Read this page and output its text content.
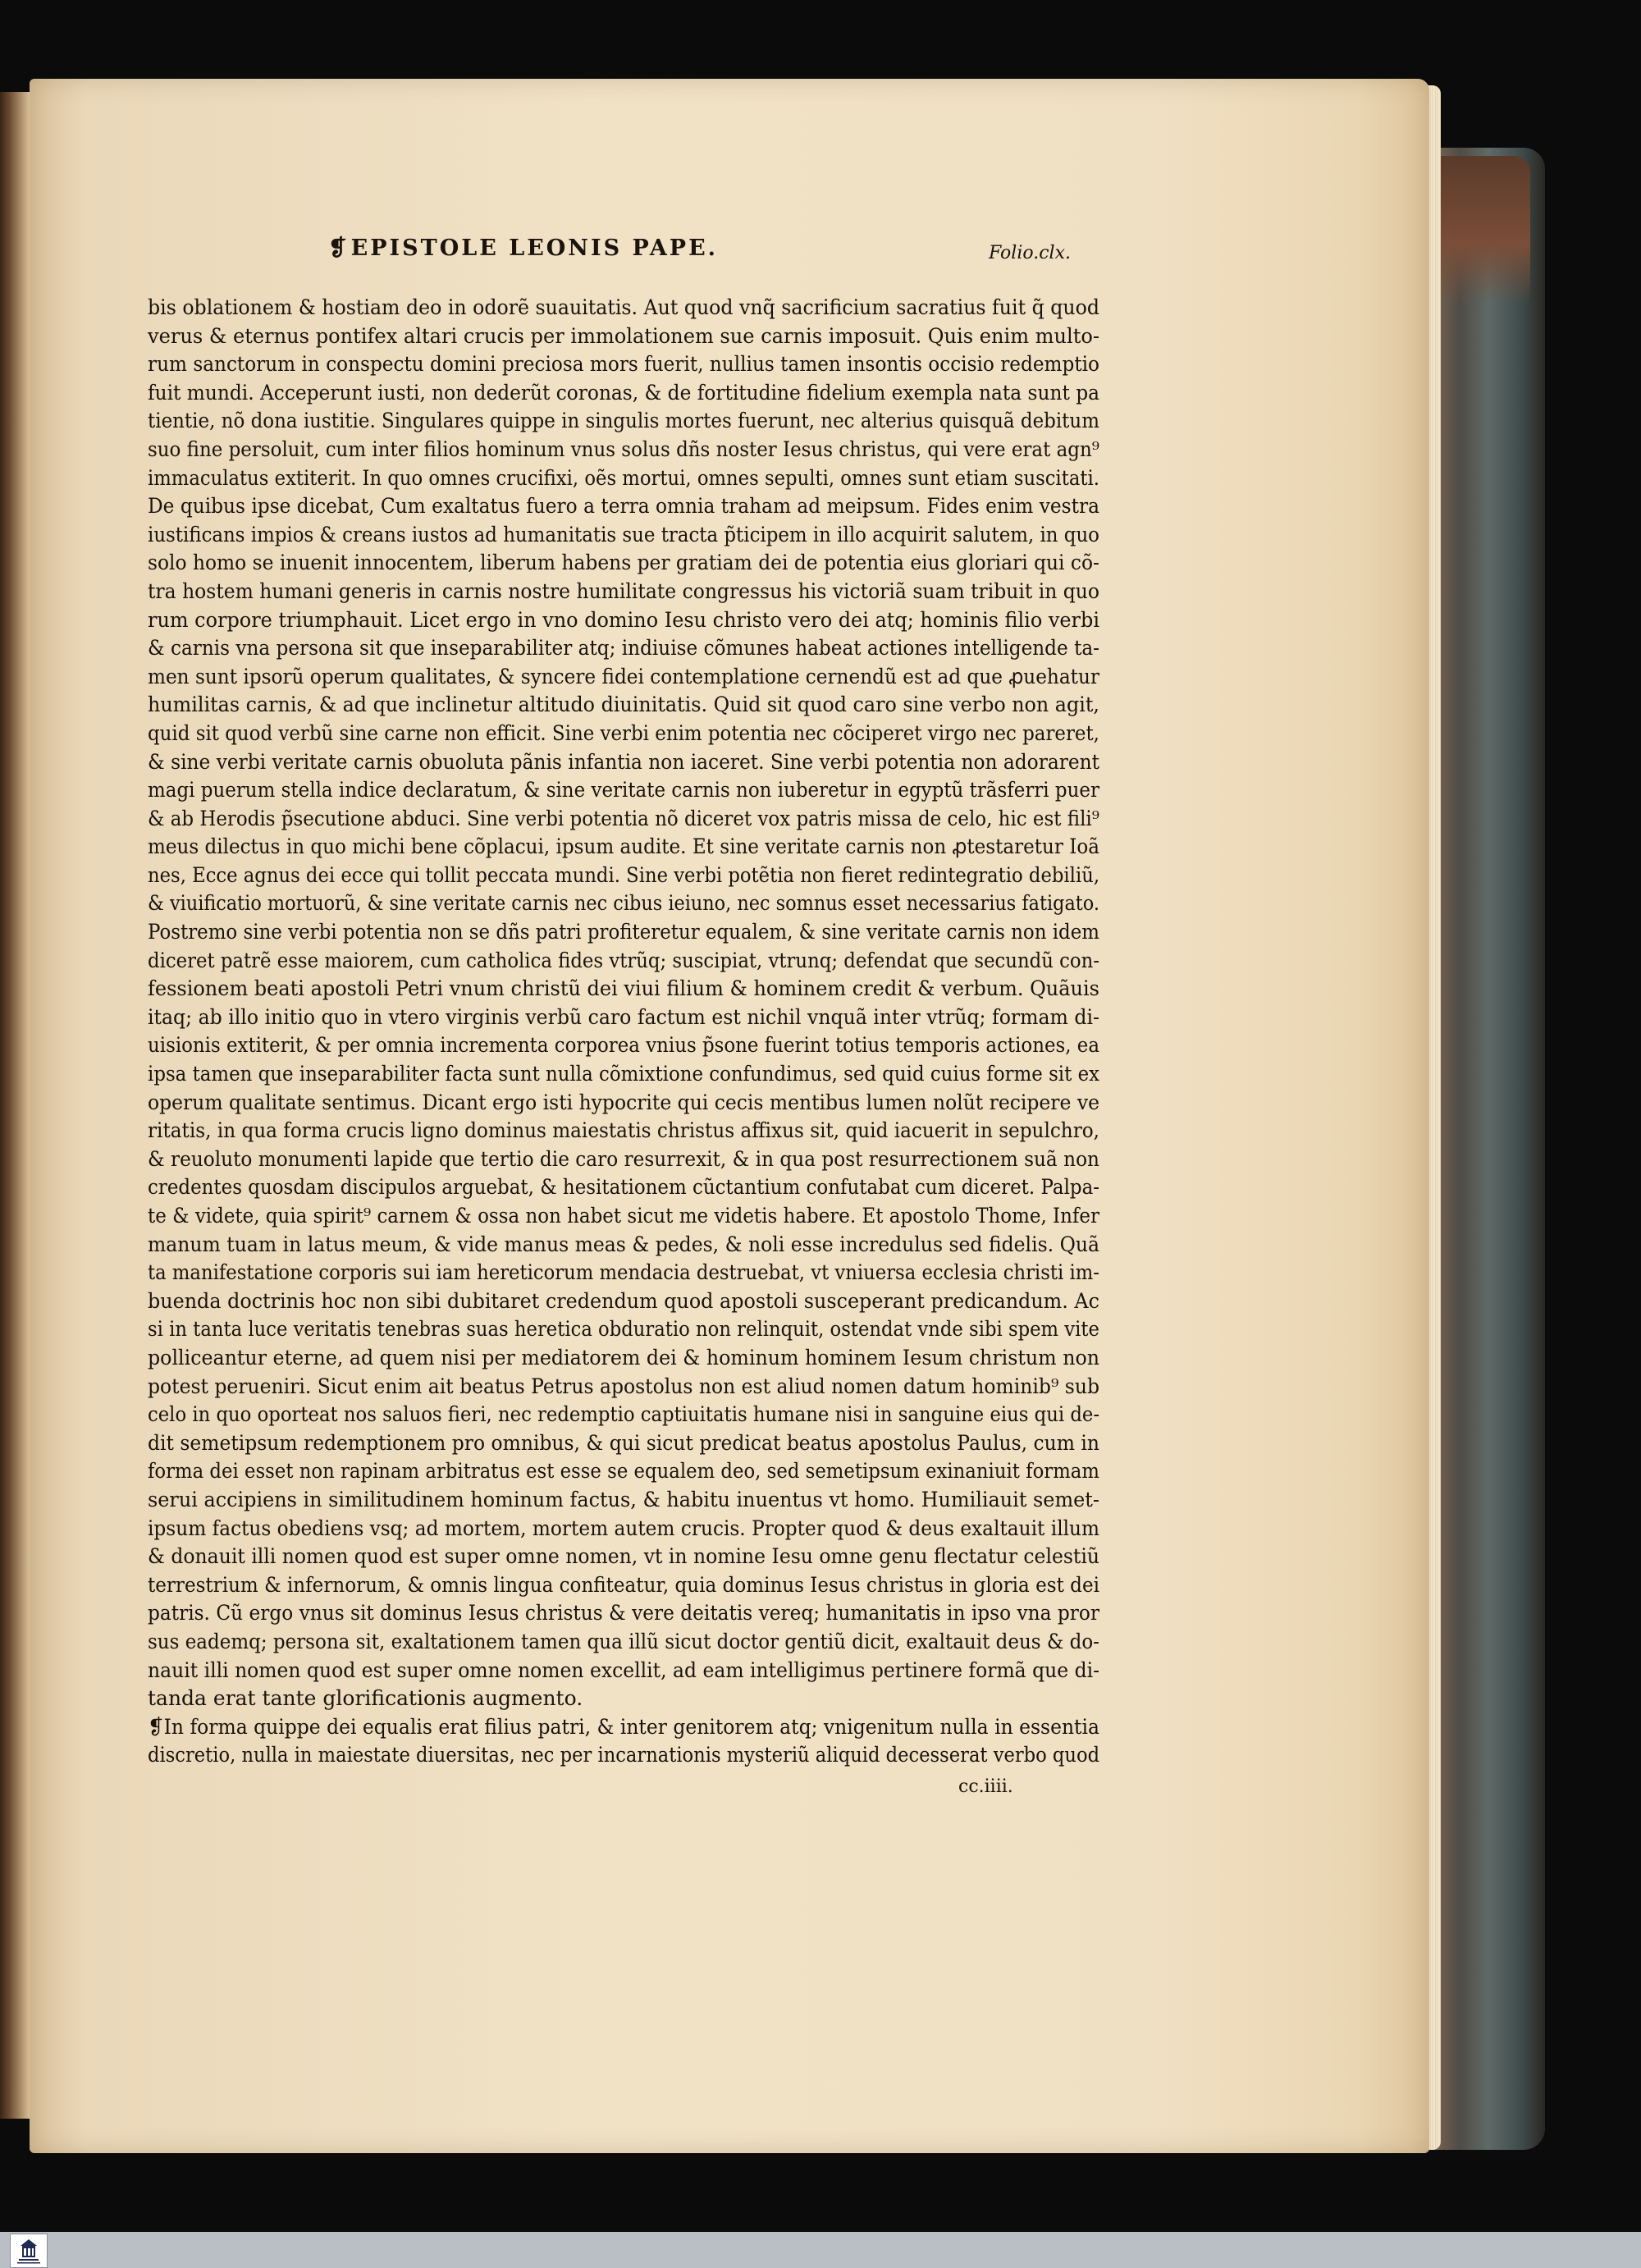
❡EPISTOLE LEONIS PAPE.	Folio.clx.
bis oblationem & hostiam deo in odorẽ suauitatis. Aut quod vnq̃ sacrificium sacratius fuit q̃ quod
verus & eternus pontifex altari crucis per immolationem sue carnis imposuit. Quis enim multo-
rum sanctorum in conspectu domini preciosa mors fuerit, nullius tamen insontis occisio redemptio
fuit mundi. Acceperunt iusti, non dederũt coronas, & de fortitudine fidelium exempla nata sunt pa
tientie, nõ dona iustitie. Singulares quippe in singulis mortes fuerunt, nec alterius quisquã debitum
suo fine persoluit, cum inter filios hominum vnus solus dñs noster Iesus christus, qui vere erat agn⁹
immaculatus extiterit. In quo omnes crucifixi, oẽs mortui, omnes sepulti, omnes sunt etiam suscitati.
De quibus ipse dicebat, Cum exaltatus fuero a terra omnia traham ad meipsum. Fides enim vestra
iustificans impios & creans iustos ad humanitatis sue tracta p̃ticipem in illo acquirit salutem, in quo
solo homo se inuenit innocentem, liberum habens per gratiam dei de potentia eius gloriari qui cõ-
tra hostem humani generis in carnis nostre humilitate congressus his victoriã suam tribuit in quo
rum corpore triumphauit. Licet ergo in vno domino Iesu christo vero dei atq; hominis filio verbi
& carnis vna persona sit que inseparabiliter atq; indiuise cõmunes habeat actiones intelligende ta-
men sunt ipsorũ operum qualitates, & syncere fidei contemplatione cernendũ est ad que ꝓuehatur
humilitas carnis, & ad que inclinetur altitudo diuinitatis. Quid sit quod caro sine verbo non agit,
quid sit quod verbũ sine carne non efficit. Sine verbi enim potentia nec cõciperet virgo nec pareret,
& sine verbi veritate carnis obuoluta pãnis infantia non iaceret. Sine verbi potentia non adorarent
magi puerum stella indice declaratum, & sine veritate carnis non iuberetur in egyptũ trãsferri puer
& ab Herodis p̃secutione abduci. Sine verbi potentia nõ diceret vox patris missa de celo, hic est fili⁹
meus dilectus in quo michi bene cõplacui, ipsum audite. Et sine veritate carnis non ꝓtestaretur Ioã
nes, Ecce agnus dei ecce qui tollit peccata mundi. Sine verbi potẽtia non fieret redintegratio debiliũ,
& viuificatio mortuorũ, & sine veritate carnis nec cibus ieiuno, nec somnus esset necessarius fatigato.
Postremo sine verbi potentia non se dñs patri profiteretur equalem, & sine veritate carnis non idem
diceret patrẽ esse maiorem, cum catholica fides vtrũq; suscipiat, vtrunq; defendat que secundũ con-
fessionem beati apostoli Petri vnum christũ dei viui filium & hominem credit & verbum. Quãuis
itaq; ab illo initio quo in vtero virginis verbũ caro factum est nichil vnquã inter vtrũq; formam di-
uisionis extiterit, & per omnia incrementa corporea vnius p̃sone fuerint totius temporis actiones, ea
ipsa tamen que inseparabiliter facta sunt nulla cõmixtione confundimus, sed quid cuius forme sit ex
operum qualitate sentimus. Dicant ergo isti hypocrite qui cecis mentibus lumen nolũt recipere ve
ritatis, in qua forma crucis ligno dominus maiestatis christus affixus sit, quid iacuerit in sepulchro,
& reuoluto monumenti lapide que tertio die caro resurrexit, & in qua post resurrectionem suã non
credentes quosdam discipulos arguebat, & hesitationem cũctantium confutabat cum diceret. Palpa-
te & videte, quia spirit⁹ carnem & ossa non habet sicut me videtis habere. Et apostolo Thome, Infer
manum tuam in latus meum, & vide manus meas & pedes, & noli esse incredulus sed fidelis. Quã
ta manifestatione corporis sui iam hereticorum mendacia destruebat, vt vniuersa ecclesia christi im-
buenda doctrinis hoc non sibi dubitaret credendum quod apostoli susceperant predicandum. Ac
si in tanta luce veritatis tenebras suas heretica obduratio non relinquit, ostendat vnde sibi spem vite
polliceantur eterne, ad quem nisi per mediatorem dei & hominum hominem Iesum christum non
potest perueniri. Sicut enim ait beatus Petrus apostolus non est aliud nomen datum hominib⁹ sub
celo in quo oporteat nos saluos fieri, nec redemptio captiuitatis humane nisi in sanguine eius qui de-
dit semetipsum redemptionem pro omnibus, & qui sicut predicat beatus apostolus Paulus, cum in
forma dei esset non rapinam arbitratus est esse se equalem deo, sed semetipsum exinaniuit formam
serui accipiens in similitudinem hominum factus, & habitu inuentus vt homo. Humiliauit semet-
ipsum factus obediens vsq; ad mortem, mortem autem crucis. Propter quod & deus exaltauit illum
& donauit illi nomen quod est super omne nomen, vt in nomine Iesu omne genu flectatur celestiũ
terrestrium & infernorum, & omnis lingua confiteatur, quia dominus Iesus christus in gloria est dei
patris. Cũ ergo vnus sit dominus Iesus christus & vere deitatis vereq; humanitatis in ipso vna pror
sus eademq; persona sit, exaltationem tamen qua illũ sicut doctor gentiũ dicit, exaltauit deus & do-
nauit illi nomen quod est super omne nomen excellit, ad eam intelligimus pertinere formã que di-
tanda erat tante glorificationis augmento.
❡In forma quippe dei equalis erat filius patri, & inter genitorem atq; vnigenitum nulla in essentia
discretio, nulla in maiestate diuersitas, nec per incarnationis mysteriũ aliquid decesserat verbo quod
cc.iiii.
